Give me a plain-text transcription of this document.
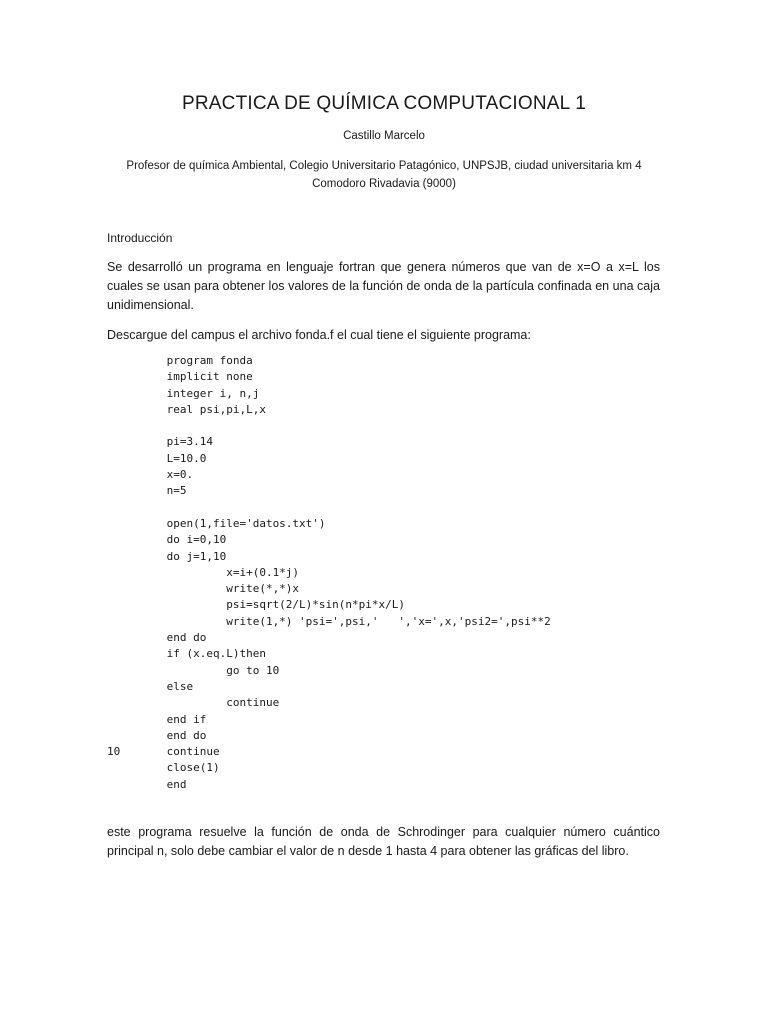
PRACTICA DE QUÍMICA COMPUTACIONAL 1
Castillo Marcelo
Profesor de química Ambiental, Colegio Universitario Patagónico, UNPSJB, ciudad universitaria km 4
Comodoro Rivadavia (9000)
Introducción
Se desarrolló un programa en lenguaje fortran que genera números que van de x=O a x=L los cuales se usan para obtener los valores de la función de onda de la partícula confinada en una caja unidimensional.
Descargue del campus el archivo fonda.f el cual tiene el siguiente programa:
program fonda
implicit none
integer i, n,j
real psi,pi,L,x
pi=3.14
L=10.0
x=0.
n=5
open(1,file='datos.txt')
do i=0,10
do j=1,10
x=i+(0.1*j)
write(*,*)x
psi=sqrt(2/L)*sin(n*pi*x/L)
write(1,*) 'psi=',psi,'   ','x=',x,'psi2=',psi**2
end do
if (x.eq.L)then
go to 10
else
continue
end if
end do
10       continue
close(1)
end
este programa resuelve la función de onda de Schrodinger para cualquier número cuántico principal n, solo debe cambiar el valor de n desde 1 hasta 4 para obtener las gráficas del libro.
